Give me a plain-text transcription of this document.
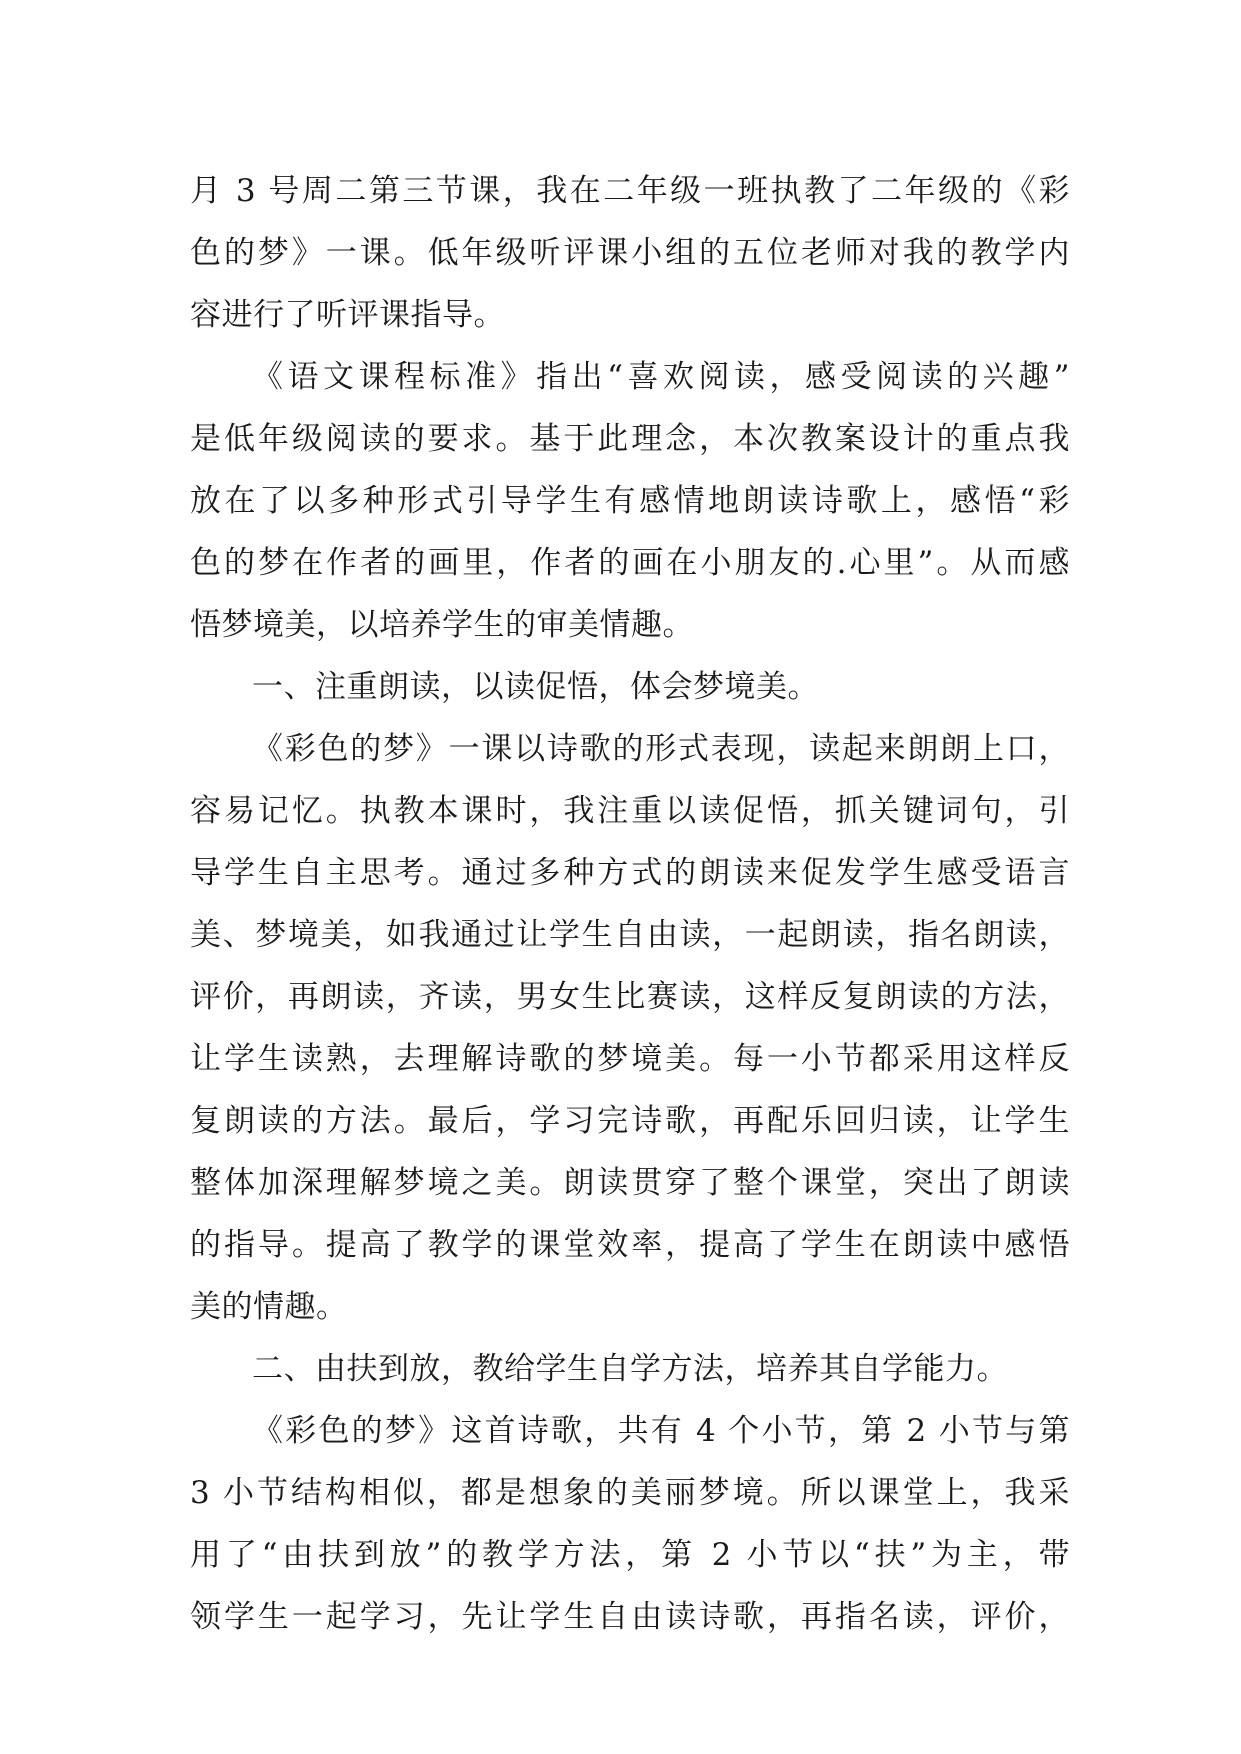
月 3 号周二第三节课，我在二年级一班执教了二年级的《彩
色的梦》一课。低年级听评课小组的五位老师对我的教学内
容进行了听评课指导。
《语文课程标准》指出“喜欢阅读，感受阅读的兴趣”
是低年级阅读的要求。基于此理念，本次教案设计的重点我
放在了以多种形式引导学生有感情地朗读诗歌上，感悟“彩
色的梦在作者的画里，作者的画在小朋友的.心里”。从而感
悟梦境美，以培养学生的审美情趣。
一、注重朗读，以读促悟，体会梦境美。
《彩色的梦》一课以诗歌的形式表现，读起来朗朗上口，
容易记忆。执教本课时，我注重以读促悟，抓关键词句，引
导学生自主思考。通过多种方式的朗读来促发学生感受语言
美、梦境美，如我通过让学生自由读，一起朗读，指名朗读，
评价，再朗读，齐读，男女生比赛读，这样反复朗读的方法，
让学生读熟，去理解诗歌的梦境美。每一小节都采用这样反
复朗读的方法。最后，学习完诗歌，再配乐回归读，让学生
整体加深理解梦境之美。朗读贯穿了整个课堂，突出了朗读
的指导。提高了教学的课堂效率，提高了学生在朗读中感悟
美的情趣。
二、由扶到放，教给学生自学方法，培养其自学能力。
《彩色的梦》这首诗歌，共有 4 个小节，第 2 小节与第
3 小节结构相似，都是想象的美丽梦境。所以课堂上，我采
用了“由扶到放”的教学方法，第 2 小节以“扶”为主，带
领学生一起学习，先让学生自由读诗歌，再指名读，评价，
